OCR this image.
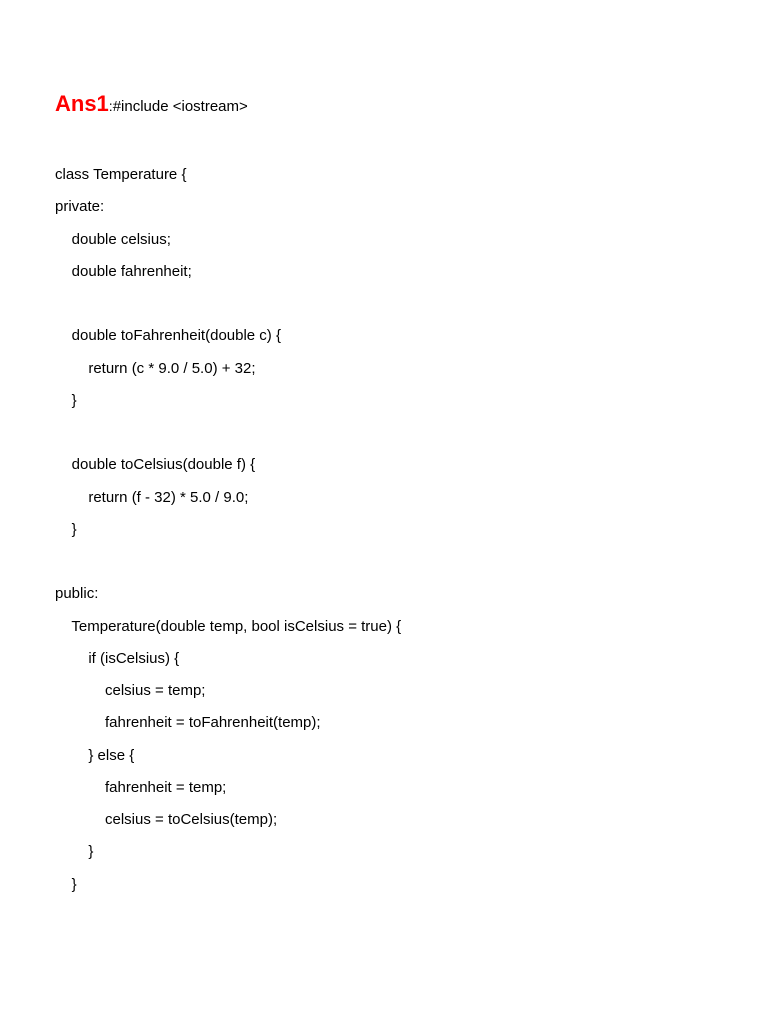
Ans1:#include <iostream>
class Temperature {
private:
double celsius;
double fahrenheit;
double toFahrenheit(double c) {
return (c * 9.0 / 5.0) + 32;
}
double toCelsius(double f) {
return (f - 32) * 5.0 / 9.0;
}
public:
Temperature(double temp, bool isCelsius = true) {
if (isCelsius) {
celsius = temp;
fahrenheit = toFahrenheit(temp);
} else {
fahrenheit = temp;
celsius = toCelsius(temp);
}
}
